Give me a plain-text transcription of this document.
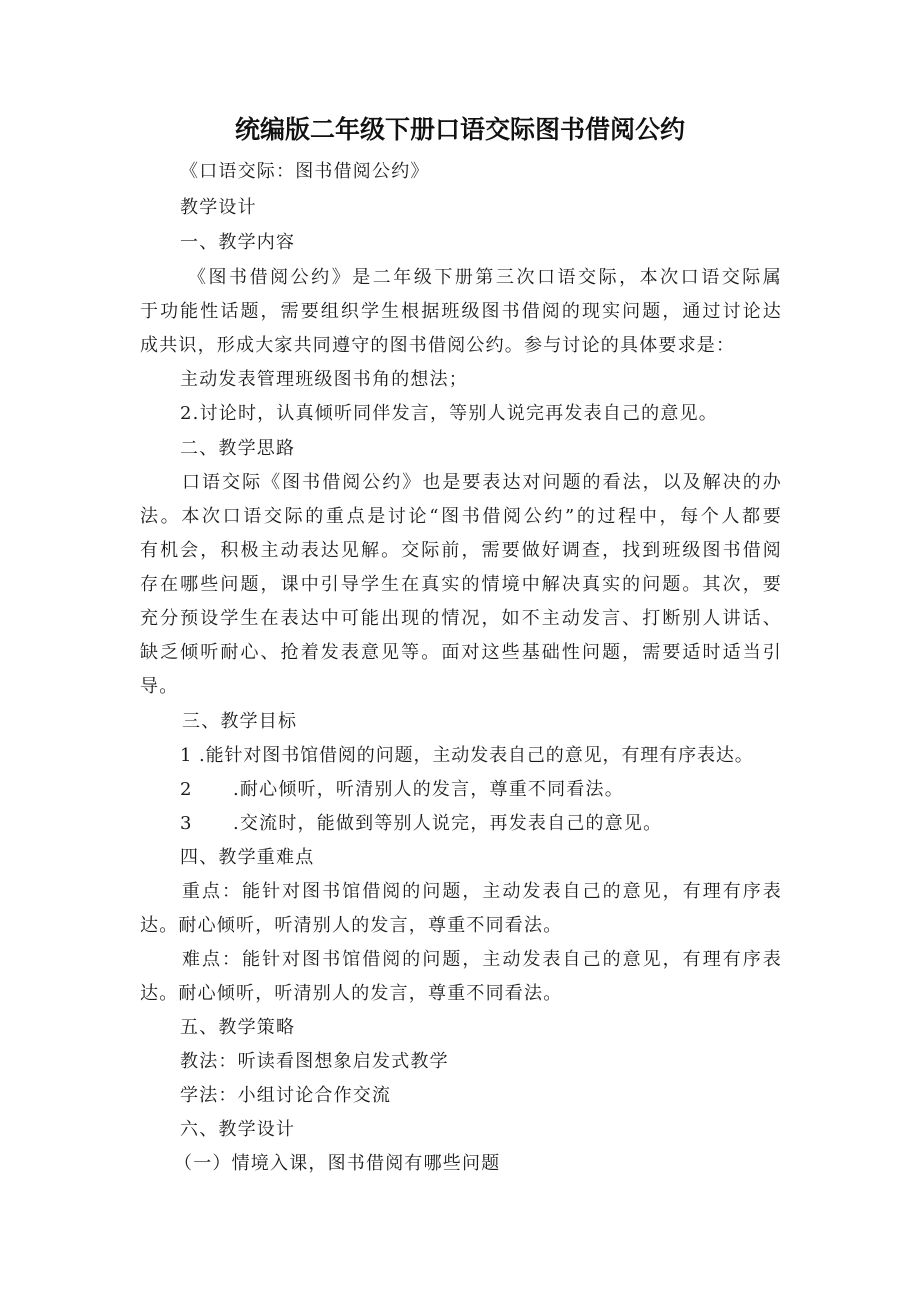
统编版二年级下册口语交际图书借阅公约
《口语交际：图书借阅公约》
教学设计
一、教学内容
《图书借阅公约》是二年级下册第三次口语交际，本次口语交际属
于功能性话题，需要组织学生根据班级图书借阅的现实问题，通过讨论达
成共识，形成大家共同遵守的图书借阅公约。参与讨论的具体要求是：
主动发表管理班级图书角的想法；
2.讨论时，认真倾听同伴发言，等别人说完再发表自己的意见。
二、教学思路
口语交际《图书借阅公约》也是要表达对问题的看法，以及解决的办
法。本次口语交际的重点是讨论“图书借阅公约”的过程中，每个人都要
有机会，积极主动表达见解。交际前，需要做好调查，找到班级图书借阅
存在哪些问题，课中引导学生在真实的情境中解决真实的问题。其次，要
充分预设学生在表达中可能出现的情况，如不主动发言、打断别人讲话、
缺乏倾听耐心、抢着发表意见等。面对这些基础性问题，需要适时适当引
导。
三、教学目标
1 .能针对图书馆借阅的问题，主动发表自己的意见，有理有序表达。
2 .耐心倾听，听清别人的发言，尊重不同看法。
3 .交流时，能做到等别人说完，再发表自己的意见。
四、教学重难点
重点：能针对图书馆借阅的问题，主动发表自己的意见，有理有序表
达。耐心倾听，听清别人的发言，尊重不同看法。
难点：能针对图书馆借阅的问题，主动发表自己的意见，有理有序表
达。耐心倾听，听清别人的发言，尊重不同看法。
五、教学策略
教法：听读看图想象启发式教学
学法：小组讨论合作交流
六、教学设计
（一）情境入课，图书借阅有哪些问题
